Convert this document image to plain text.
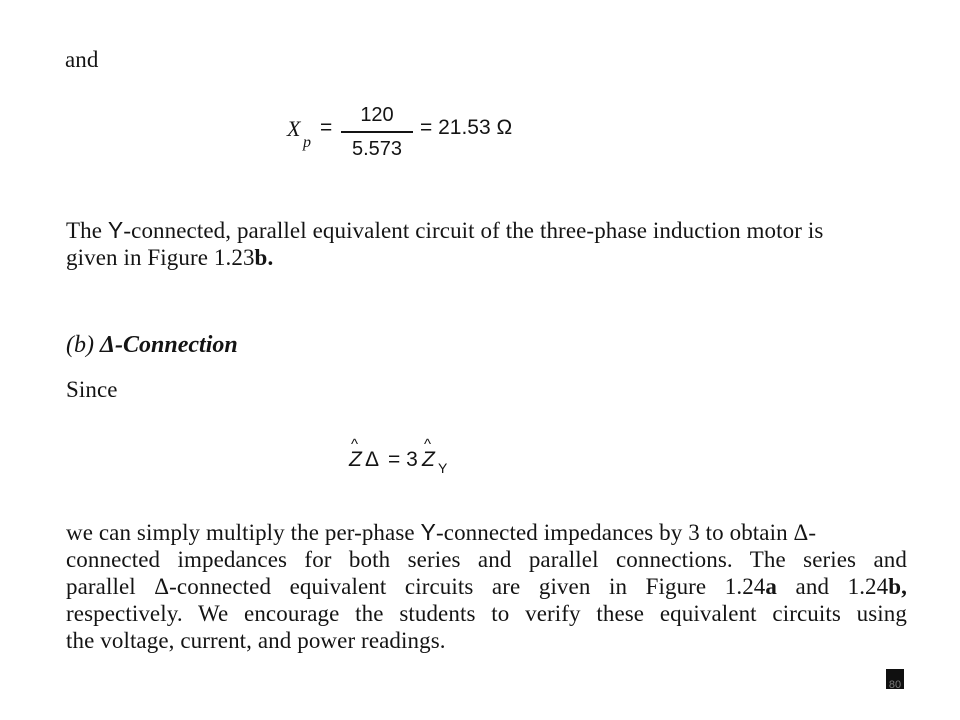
and
X
p
=
120
5.573
= 21.53 Ω
The Y-connected, parallel equivalent circuit of the three-phase induction motor is
given in Figure 1.23b.
(b) Δ-Connection
Since
^
Z Δ = 3
^
Z Y
we can simply multiply the per-phase Y-connected impedances by 3 to obtain Δ-
connected impedances for both series and parallel connections. The series and
parallel Δ-connected equivalent circuits are given in Figure 1.24a and 1.24b,
respectively. We encourage the students to verify these equivalent circuits using
the voltage, current, and power readings.
80
